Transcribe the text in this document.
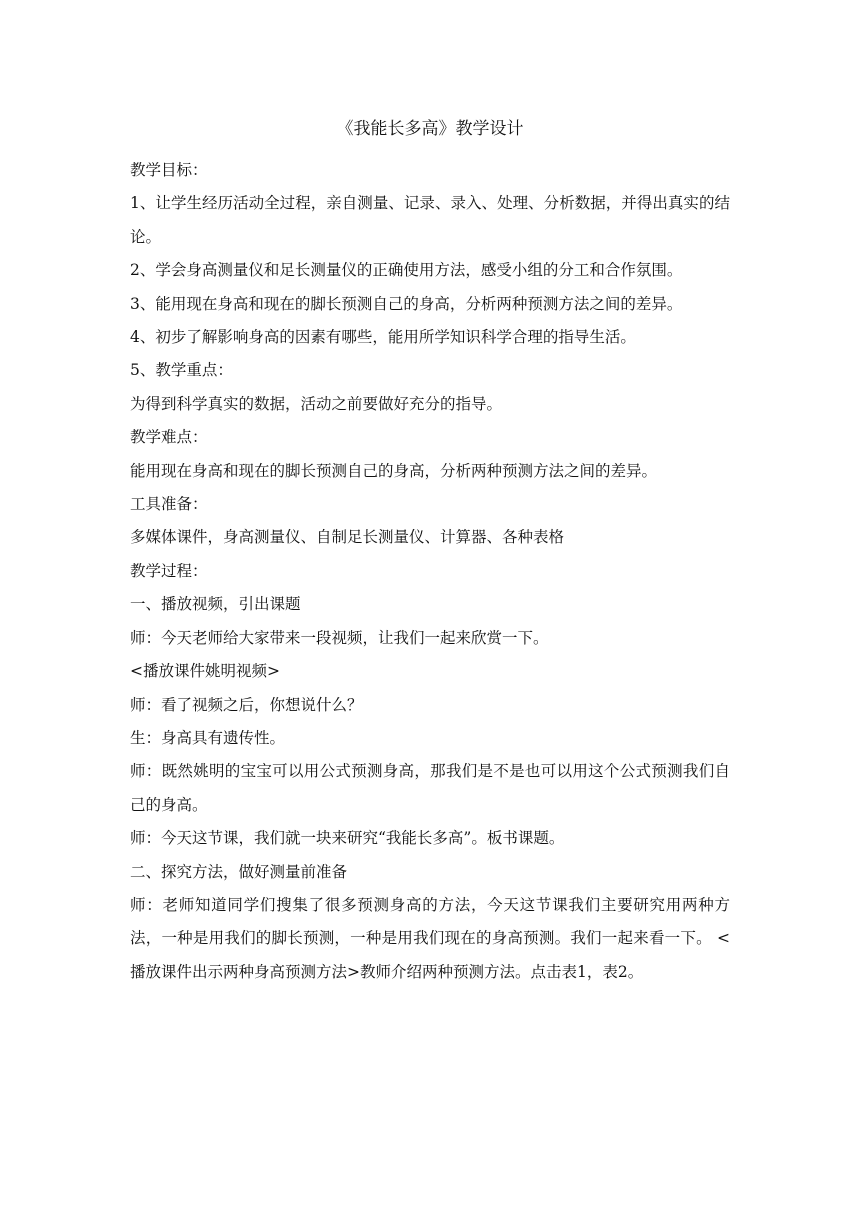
《我能长多高》教学设计

教学目标：

1、让学生经历活动全过程，亲自测量、记录、录入、处理、分析数据，并得出真实的结论。

2、学会身高测量仪和足长测量仪的正确使用方法，感受小组的分工和合作氛围。

3、能用现在身高和现在的脚长预测自己的身高，分析两种预测方法之间的差异。

4、初步了解影响身高的因素有哪些，能用所学知识科学合理的指导生活。

5、教学重点：

为得到科学真实的数据，活动之前要做好充分的指导。

教学难点：

能用现在身高和现在的脚长预测自己的身高，分析两种预测方法之间的差异。

工具准备：

多媒体课件，身高测量仪、自制足长测量仪、计算器、各种表格

教学过程：

一、播放视频，引出课题

师：今天老师给大家带来一段视频，让我们一起来欣赏一下。

<播放课件姚明视频>

师：看了视频之后，你想说什么？

生：身高具有遗传性。

师：既然姚明的宝宝可以用公式预测身高，那我们是不是也可以用这个公式预测我们自己的身高。

师：今天这节课，我们就一块来研究“我能长多高”。板书课题。

二、探究方法，做好测量前准备

师：老师知道同学们搜集了很多预测身高的方法，今天这节课我们主要研究用两种方法，一种是用我们的脚长预测，一种是用我们现在的身高预测。我们一起来看一下。 <播放课件出示两种身高预测方法>教师介绍两种预测方法。点击表1，表2。
